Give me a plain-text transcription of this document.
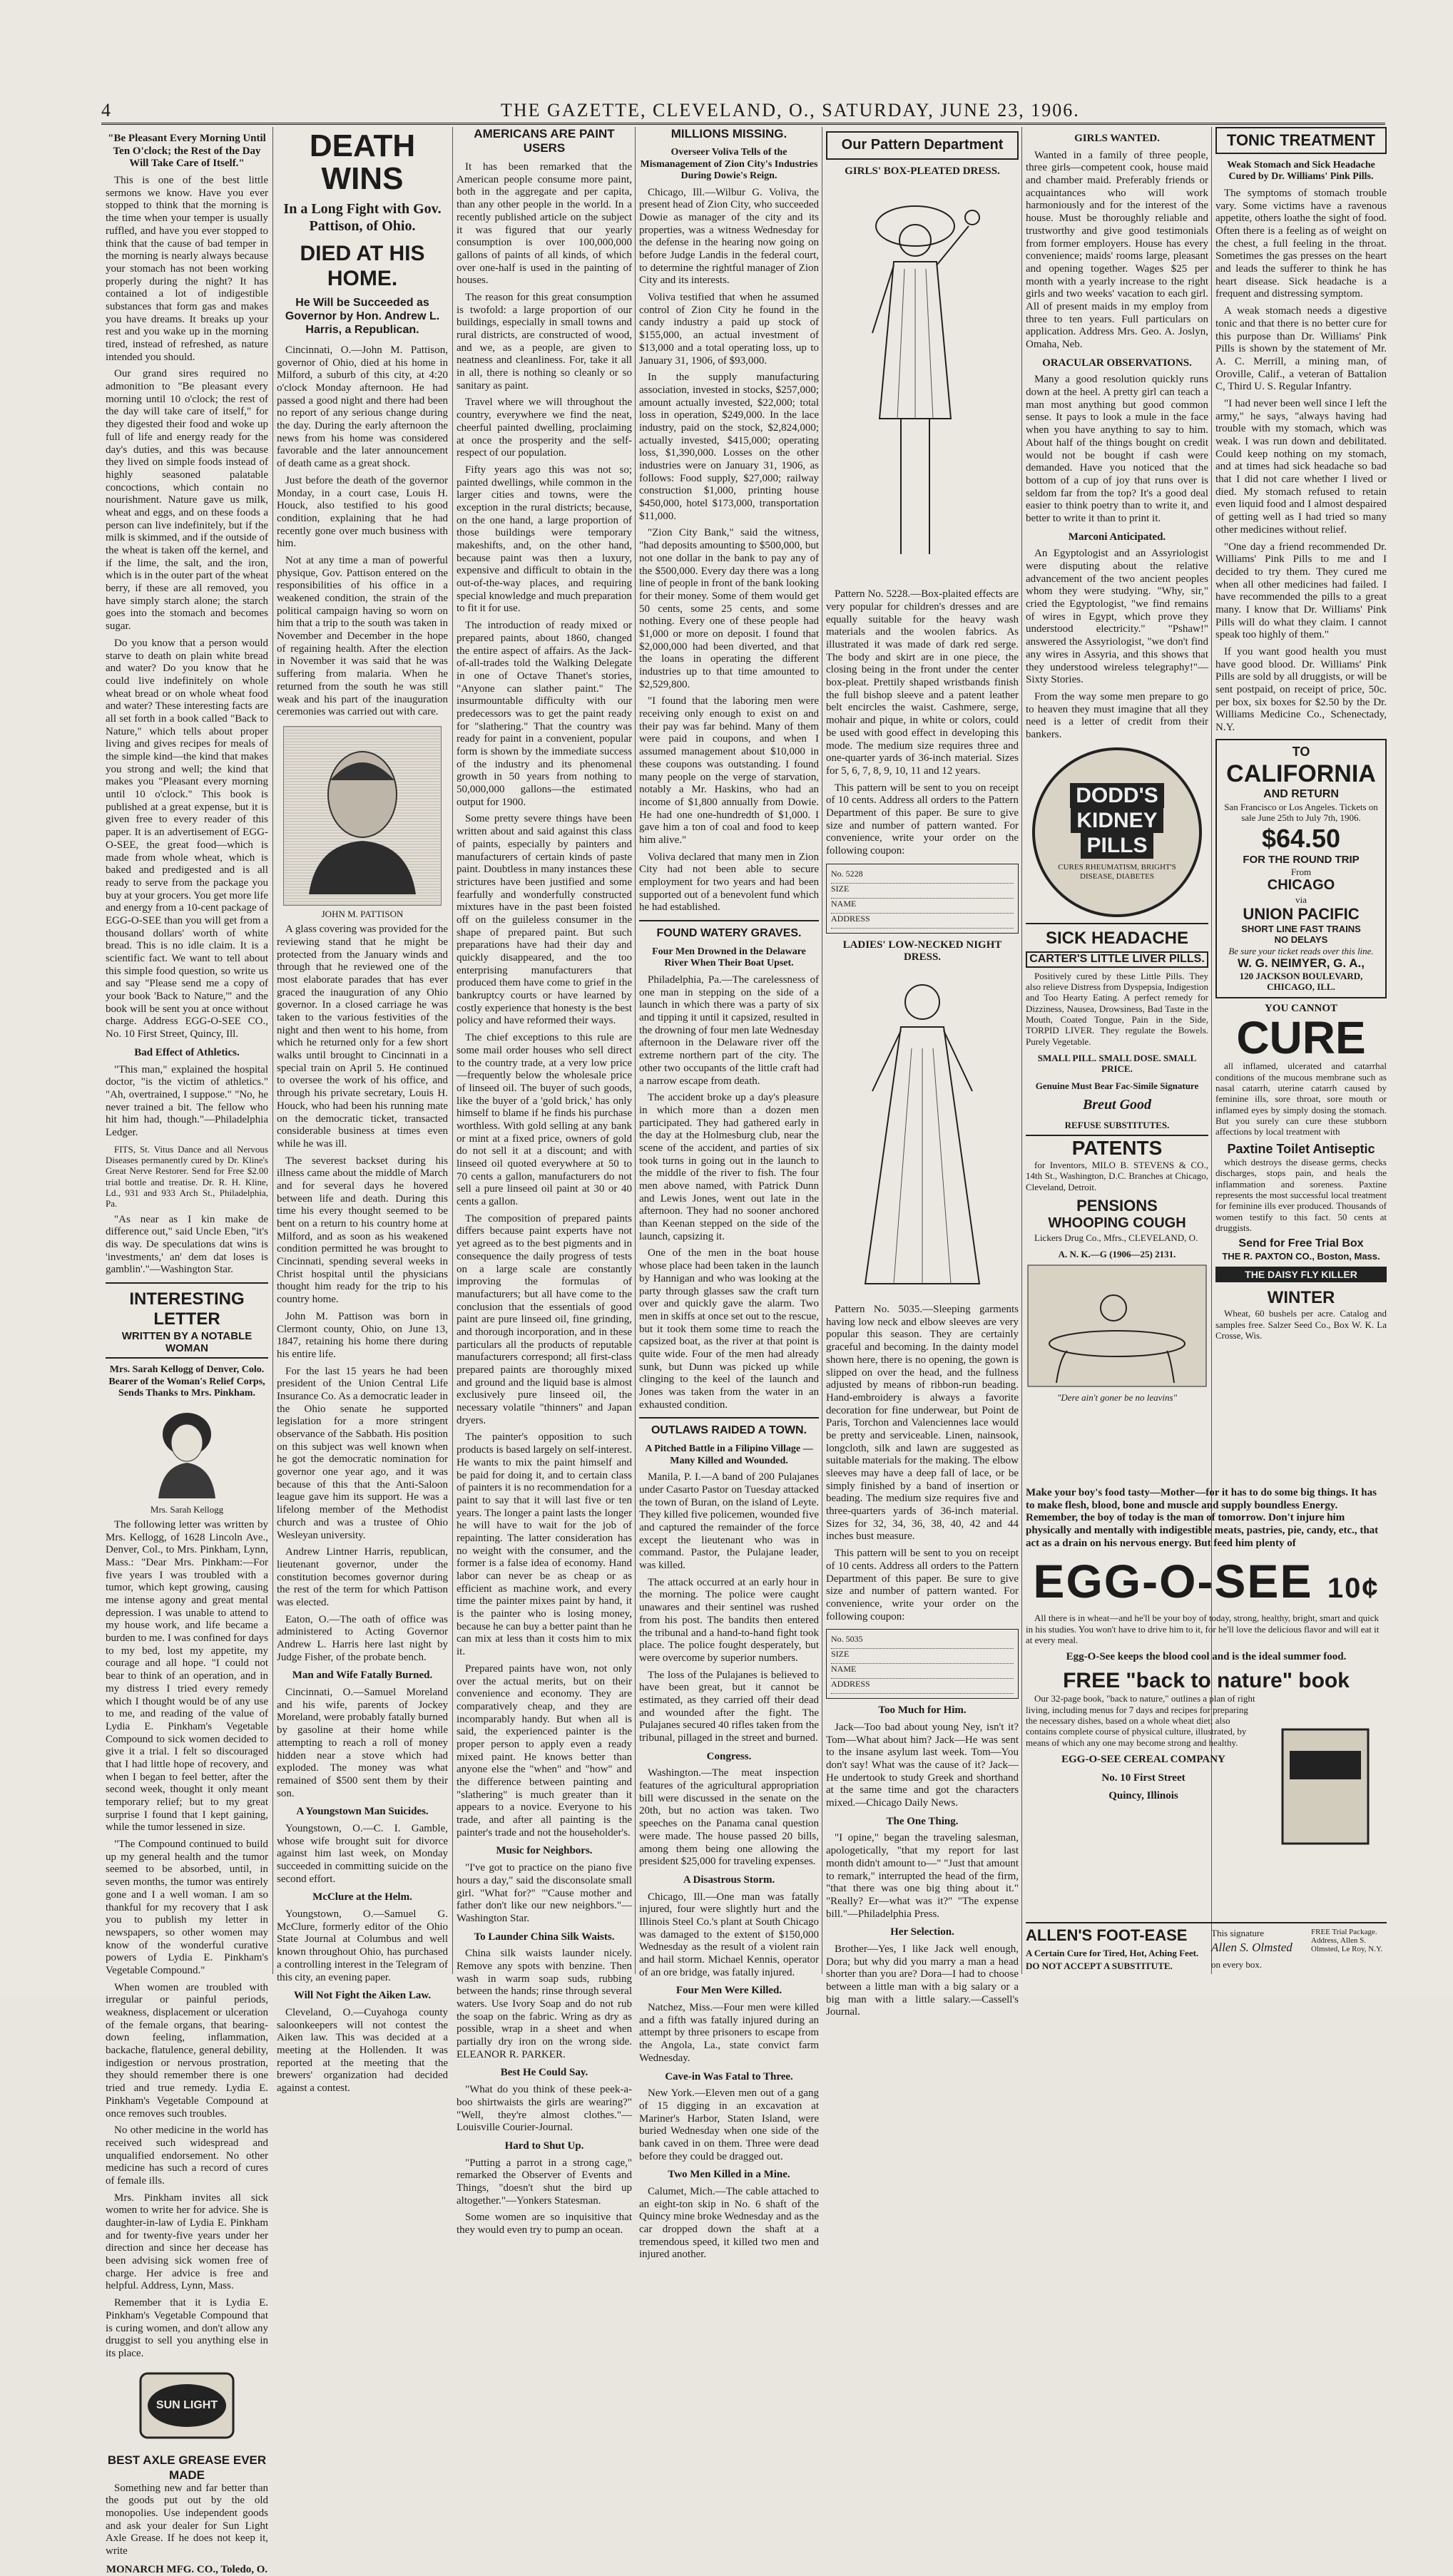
4	THE GAZETTE, CLEVELAND, O., SATURDAY, JUNE 23, 1906.

"Be Pleasant Every Morning Until Ten O'clock; the Rest of the Day Will Take Care of Itself."

This is one of the best little sermons we know. Have you ever stopped to think that the morning is the time when your temper is usually ruffled, and have you ever stopped to think that the cause of bad temper in the morning is nearly always because your stomach has not been working properly during the night? It has contained a lot of indigestible substances that form gas and makes you have dreams. It breaks up your rest and you wake up in the morning tired, instead of refreshed, as nature intended you should.

Our grand sires required no admonition to "Be pleasant every morning until 10 o'clock; the rest of the day will take care of itself," for they digested their food and woke up full of life and energy ready for the day's duties, and this was because they lived on simple foods instead of highly seasoned palatable concoctions, which contain no nourishment. Nature gave us milk, wheat and eggs, and on these foods a person can live indefinitely, but if the milk is skimmed, and if the outside of the wheat is taken off the kernel, and if the lime, the salt, and the iron, which is in the outer part of the wheat berry, if these are all removed, you have simply starch alone; the starch goes into the stomach and becomes sugar.

Do you know that a person would starve to death on plain white bread and water? Do you know that he could live indefinitely on whole wheat bread or on whole wheat food and water? These interesting facts are all set forth in a book called "Back to Nature," which tells about proper living and gives recipes for meals of the simple kind—the kind that makes you strong and well; the kind that makes you "Pleasant every morning until 10 o'clock." This book is published at a great expense, but it is given free to every reader of this paper. It is an advertisement of EGG-O-SEE, the great food—which is made from whole wheat, which is baked and predigested and is all ready to serve from the package you buy at your grocers. You get more life and energy from a 10-cent package of EGG-O-SEE than you will get from a thousand dollars' worth of white bread. This is no idle claim. It is a scientific fact. We want to tell about this simple food question, so write us and say "Please send me a copy of your book 'Back to Nature,'" and the book will be sent you at once without charge. Address EGG-O-SEE CO., No. 10 First Street, Quincy, Ill.

Bad Effect of Athletics.

"This man," explained the hospital doctor, "is the victim of athletics." "Ah, overtrained, I suppose." "No, he never trained a bit. The fellow who hit him had, though."—Philadelphia Ledger.

FITS, St. Vitus Dance and all Nervous Diseases permanently cured by Dr. Kline's Great Nerve Restorer. Send for Free $2.00 trial bottle and treatise. Dr. R. H. Kline, Ld., 931 and 933 Arch St., Philadelphia, Pa.

"As near as I kin make de difference out," said Uncle Eben, "it's dis way. De speculations dat wins is 'investments,' an' dem dat loses is gamblin'."—Washington Star.

INTERESTING LETTER
WRITTEN BY A NOTABLE WOMAN

Mrs. Sarah Kellogg of Denver, Colo. Bearer of the Woman's Relief Corps, Sends Thanks to Mrs. Pinkham.

Mrs. Sarah Kellogg

The following letter was written by Mrs. Kellogg, of 1628 Lincoln Ave., Denver, Col., to Mrs. Pinkham, Lynn, Mass.: "Dear Mrs. Pinkham:—For five years I was troubled with a tumor, which kept growing, causing me intense agony and great mental depression. I was unable to attend to my house work, and life became a burden to me. I was confined for days to my bed, lost my appetite, my courage and all hope. "I could not bear to think of an operation, and in my distress I tried every remedy which I thought would be of any use to me, and reading of the value of Lydia E. Pinkham's Vegetable Compound to sick women decided to give it a trial. I felt so discouraged that I had little hope of recovery, and when I began to feel better, after the second week, thought it only meant temporary relief; but to my great surprise I found that I kept gaining, while the tumor lessened in size.

"The Compound continued to build up my general health and the tumor seemed to be absorbed, until, in seven months, the tumor was entirely gone and I a well woman. I am so thankful for my recovery that I ask you to publish my letter in newspapers, so other women may know of the wonderful curative powers of Lydia E. Pinkham's Vegetable Compound."

When women are troubled with irregular or painful periods, weakness, displacement or ulceration of the female organs, that bearing-down feeling, inflammation, backache, flatulence, general debility, indigestion or nervous prostration, they should remember there is one tried and true remedy. Lydia E. Pinkham's Vegetable Compound at once removes such troubles.

No other medicine in the world has received such widespread and unqualified endorsement. No other medicine has such a record of cures of female ills.

Mrs. Pinkham invites all sick women to write her for advice. She is daughter-in-law of Lydia E. Pinkham and for twenty-five years under her direction and since her decease has been advising sick women free of charge. Her advice is free and helpful. Address, Lynn, Mass.

Remember that it is Lydia E. Pinkham's Vegetable Compound that is curing women, and don't allow any druggist to sell you anything else in its place.

SUN LIGHT
BEST AXLE GREASE EVER MADE

Something new and far better than the goods put out by the old monopolies. Use independent goods and ask your dealer for Sun Light Axle Grease. If he does not keep it, write

MONARCH MFG. CO., Toledo, O.

DEATH WINS
In a Long Fight with Gov. Pattison, of Ohio.
DIED AT HIS HOME.
He Will be Succeeded as Governor by Hon. Andrew L. Harris, a Republican.

Cincinnati, O.—John M. Pattison, governor of Ohio, died at his home in Milford, a suburb of this city, at 4:20 o'clock Monday afternoon. He had passed a good night and there had been no report of any serious change during the day. During the early afternoon the news from his home was considered favorable and the later announcement of death came as a great shock.

Just before the death of the governor Monday, in a court case, Louis H. Houck, also testified to his good condition, explaining that he had recently gone over much business with him.

Not at any time a man of powerful physique, Gov. Pattison entered on the responsibilities of his office in a weakened condition, the strain of the political campaign having so worn on him that a trip to the south was taken in November and December in the hope of regaining health. After the election in November it was said that he was suffering from malaria. When he returned from the south he was still weak and his part of the inauguration ceremonies was carried out with care.

JOHN M. PATTISON

A glass covering was provided for the reviewing stand that he might be protected from the January winds and through that he reviewed one of the most elaborate parades that has ever graced the inauguration of any Ohio governor. In a closed carriage he was taken to the various festivities of the night and then went to his home, from which he returned only for a few short walks until brought to Cincinnati in a special train on April 5. He continued to oversee the work of his office, and through his private secretary, Louis H. Houck, who had been his running mate on the democratic ticket, transacted considerable business at times even while he was ill.

The severest backset during his illness came about the middle of March and for several days he hovered between life and death. During this time his every thought seemed to be bent on a return to his country home at Milford, and as soon as his weakened condition permitted he was brought to Cincinnati, spending several weeks in Christ hospital until the physicians thought him ready for the trip to his country home.

John M. Pattison was born in Clermont county, Ohio, on June 13, 1847, retaining his home there during his entire life.

For the last 15 years he had been president of the Union Central Life Insurance Co. As a democratic leader in the Ohio senate he supported legislation for a more stringent observance of the Sabbath. His position on this subject was well known when he got the democratic nomination for governor one year ago, and it was because of this that the Anti-Saloon league gave him its support. He was a lifelong member of the Methodist church and was a trustee of Ohio Wesleyan university.

Andrew Lintner Harris, republican, lieutenant governor, under the constitution becomes governor during the rest of the term for which Pattison was elected.

Eaton, O.—The oath of office was administered to Acting Governor Andrew L. Harris here last night by Judge Fisher, of the probate bench.

Man and Wife Fatally Burned.

Cincinnati, O.—Samuel Moreland and his wife, parents of Jockey Moreland, were probably fatally burned by gasoline at their home while attempting to reach a roll of money hidden near a stove which had exploded. The money was what remained of $500 sent them by their son.

A Youngstown Man Suicides.

Youngstown, O.—C. I. Gamble, whose wife brought suit for divorce against him last week, on Monday succeeded in committing suicide on the second effort.

McClure at the Helm.

Youngstown, O.—Samuel G. McClure, formerly editor of the Ohio State Journal at Columbus and well known throughout Ohio, has purchased a controlling interest in the Telegram of this city, an evening paper.

Will Not Fight the Aiken Law.

Cleveland, O.—Cuyahoga county saloonkeepers will not contest the Aiken law. This was decided at a meeting at the Hollenden. It was reported at the meeting that the brewers' organization had decided against a contest.

AMERICANS ARE PAINT USERS

It has been remarked that the American people consume more paint, both in the aggregate and per capita, than any other people in the world. In a recently published article on the subject it was figured that our yearly consumption is over 100,000,000 gallons of paints of all kinds, of which over one-half is used in the painting of houses.

The reason for this great consumption is twofold: a large proportion of our buildings, especially in small towns and rural districts, are constructed of wood, and we, as a people, are given to neatness and cleanliness. For, take it all in all, there is nothing so cleanly or so sanitary as paint.

Travel where we will throughout the country, everywhere we find the neat, cheerful painted dwelling, proclaiming at once the prosperity and the self-respect of our population.

Fifty years ago this was not so; painted dwellings, while common in the larger cities and towns, were the exception in the rural districts; because, on the one hand, a large proportion of those buildings were temporary makeshifts, and, on the other hand, because paint was then a luxury, expensive and difficult to obtain in the out-of-the-way places, and requiring special knowledge and much preparation to fit it for use.

The introduction of ready mixed or prepared paints, about 1860, changed the entire aspect of affairs. As the Jack-of-all-trades told the Walking Delegate in one of Octave Thanet's stories, "Anyone can slather paint." The insurmountable difficulty with our predecessors was to get the paint ready for "slathering." That the country was ready for paint in a convenient, popular form is shown by the immediate success of the industry and its phenomenal growth in 50 years from nothing to 50,000,000 gallons—the estimated output for 1900.

Some pretty severe things have been written about and said against this class of paints, especially by painters and manufacturers of certain kinds of paste paint. Doubtless in many instances these strictures have been justified and some fearfully and wonderfully constructed mixtures have in the past been foisted off on the guileless consumer in the shape of prepared paint. But such preparations have had their day and quickly disappeared, and the too enterprising manufacturers that produced them have come to grief in the bankruptcy courts or have learned by costly experience that honesty is the best policy and have reformed their ways.

The chief exceptions to this rule are some mail order houses who sell direct to the country trade, at a very low price—frequently below the wholesale price of linseed oil. The buyer of such goods, like the buyer of a 'gold brick,' has only himself to blame if he finds his purchase worthless. With gold selling at any bank or mint at a fixed price, owners of gold do not sell it at a discount; and with linseed oil quoted everywhere at 50 to 70 cents a gallon, manufacturers do not sell a pure linseed oil paint at 30 or 40 cents a gallon.

The composition of prepared paints differs because paint experts have not yet agreed as to the best pigments and in consequence the daily progress of tests on a large scale are constantly improving the formulas of manufacturers; but all have come to the conclusion that the essentials of good paint are pure linseed oil, fine grinding, and thorough incorporation, and in these particulars all the products of reputable manufacturers correspond; all first-class prepared paints are thoroughly mixed and ground and the liquid base is almost exclusively pure linseed oil, the necessary volatile "thinners" and Japan dryers.

The painter's opposition to such products is based largely on self-interest. He wants to mix the paint himself and be paid for doing it, and to certain class of painters it is no recommendation for a paint to say that it will last five or ten years. The longer a paint lasts the longer he will have to wait for the job of repainting. The latter consideration has no weight with the consumer, and the former is a false idea of economy. Hand labor can never be as cheap or as efficient as machine work, and every time the painter mixes paint by hand, it is the painter who is losing money, because he can buy a better paint than he can mix at less than it costs him to mix it.

Prepared paints have won, not only over the actual merits, but on their convenience and economy. They are comparatively cheap, and they are incomparably handy. But when all is said, the experienced painter is the proper person to apply even a ready mixed paint. He knows better than anyone else the "when" and "how" and the difference between painting and "slathering" is much greater than it appears to a novice. Everyone to his trade, and after all painting is the painter's trade and not the householder's.

Music for Neighbors.

"I've got to practice on the piano five hours a day," said the disconsolate small girl. "What for?" "'Cause mother and father don't like our new neighbors."—Washington Star.

To Launder China Silk Waists.

China silk waists launder nicely. Remove any spots with benzine. Then wash in warm soap suds, rubbing between the hands; rinse through several waters. Use Ivory Soap and do not rub the soap on the fabric. Wring as dry as possible, wrap in a sheet and when partially dry iron on the wrong side. ELEANOR R. PARKER.

Best He Could Say.

"What do you think of these peek-a-boo shirtwaists the girls are wearing?" "Well, they're almost clothes."—Louisville Courier-Journal.

Hard to Shut Up.

"Putting a parrot in a strong cage," remarked the Observer of Events and Things, "doesn't shut the bird up altogether."—Yonkers Statesman.

Some women are so inquisitive that they would even try to pump an ocean.

MILLIONS MISSING.

Overseer Voliva Tells of the Mismanagement of Zion City's Industries During Dowie's Reign.

Chicago, Ill.—Wilbur G. Voliva, the present head of Zion City, who succeeded Dowie as manager of the city and its properties, was a witness Wednesday for the defense in the hearing now going on before Judge Landis in the federal court, to determine the rightful manager of Zion City and its interests.

Voliva testified that when he assumed control of Zion City he found in the candy industry a paid up stock of $155,000, an actual investment of $13,000 and a total operating loss, up to January 31, 1906, of $93,000.

In the supply manufacturing association, invested in stocks, $257,000; amount actually invested, $22,000; total loss in operation, $249,000. In the lace industry, paid on the stock, $2,824,000; actually invested, $415,000; operating loss, $1,390,000. Losses on the other industries were on January 31, 1906, as follows: Food supply, $27,000; railway construction $1,000, printing house $450,000, hotel $173,000, transportation $11,000.

"Zion City Bank," said the witness, "had deposits amounting to $500,000, but not one dollar in the bank to pay any of the $500,000. Every day there was a long line of people in front of the bank looking for their money. Some of them would get 50 cents, some 25 cents, and some nothing. Every one of these people had $1,000 or more on deposit. I found that $2,000,000 had been diverted, and that the loans in operating the different industries up to that time amounted to $2,529,800.

"I found that the laboring men were receiving only enough to exist on and their pay was far behind. Many of them were paid in coupons, and when I assumed management about $10,000 in these coupons was outstanding. I found many people on the verge of starvation, notably a Mr. Haskins, who had an income of $1,800 annually from Dowie. He had one one-hundredth of $1,000. I gave him a ton of coal and food to keep him alive."

Voliva declared that many men in Zion City had not been able to secure employment for two years and had been supported out of a benevolent fund which he had established.

FOUND WATERY GRAVES.

Four Men Drowned in the Delaware River When Their Boat Upset.

Philadelphia, Pa.—The carelessness of one man in stepping on the side of a launch in which there was a party of six and tipping it until it capsized, resulted in the drowning of four men late Wednesday afternoon in the Delaware river off the extreme northern part of the city. The other two occupants of the little craft had a narrow escape from death.

The accident broke up a day's pleasure in which more than a dozen men participated. They had gathered early in the day at the Holmesburg club, near the scene of the accident, and parties of six took turns in going out in the launch to the middle of the river to fish. The four men above named, with Patrick Dunn and Lewis Jones, went out late in the afternoon. They had no sooner anchored than Keenan stepped on the side of the launch, capsizing it.

One of the men in the boat house whose place had been taken in the launch by Hannigan and who was looking at the party through glasses saw the craft turn over and quickly gave the alarm. Two men in skiffs at once set out to the rescue, but it took them some time to reach the capsized boat, as the river at that point is quite wide. Four of the men had already sunk, but Dunn was picked up while clinging to the keel of the launch and Jones was taken from the water in an exhausted condition.

OUTLAWS RAIDED A TOWN.

A Pitched Battle in a Filipino Village —Many Killed and Wounded.

Manila, P. I.—A band of 200 Pulajanes under Casarto Pastor on Tuesday attacked the town of Buran, on the island of Leyte. They killed five policemen, wounded five and captured the remainder of the force except the lieutenant who was in command. Pastor, the Pulajane leader, was killed.

The attack occurred at an early hour in the morning. The police were caught unawares and their sentinel was rushed from his post. The bandits then entered the tribunal and a hand-to-hand fight took place. The police fought desperately, but were overcome by superior numbers.

The loss of the Pulajanes is believed to have been great, but it cannot be estimated, as they carried off their dead and wounded after the fight. The Pulajanes secured 40 rifles taken from the tribunal, pillaged in the street and burned.

Congress.

Washington.—The meat inspection features of the agricultural appropriation bill were discussed in the senate on the 20th, but no action was taken. Two speeches on the Panama canal question were made. The house passed 20 bills, among them being one allowing the president $25,000 for traveling expenses.

A Disastrous Storm.

Chicago, Ill.—One man was fatally injured, four were slightly hurt and the Illinois Steel Co.'s plant at South Chicago was damaged to the extent of $150,000 Wednesday as the result of a violent rain and hail storm. Michael Kennis, operator of an ore bridge, was fatally injured.

Four Men Were Killed.

Natchez, Miss.—Four men were killed and a fifth was fatally injured during an attempt by three prisoners to escape from the Angola, La., state convict farm Wednesday.

Cave-in Was Fatal to Three.

New York.—Eleven men out of a gang of 15 digging in an excavation at Mariner's Harbor, Staten Island, were buried Wednesday when one side of the bank caved in on them. Three were dead before they could be dragged out.

Two Men Killed in a Mine.

Calumet, Mich.—The cable attached to an eight-ton skip in No. 6 shaft of the Quincy mine broke Wednesday and as the car dropped down the shaft at a tremendous speed, it killed two men and injured another.

Our Pattern Department

GIRLS' BOX-PLEATED DRESS.

Pattern No. 5228.—Box-plaited effects are very popular for children's dresses and are equally suitable for the heavy wash materials and the woolen fabrics. As illustrated it was made of dark red serge. The body and skirt are in one piece, the closing being in the front under the center box-pleat. Prettily shaped wristbands finish the full bishop sleeve and a patent leather belt encircles the waist. Cashmere, serge, mohair and pique, in white or colors, could be used with good effect in developing this mode. The medium size requires three and one-quarter yards of 36-inch material. Sizes for 5, 6, 7, 8, 9, 10, 11 and 12 years.

This pattern will be sent to you on receipt of 10 cents. Address all orders to the Pattern Department of this paper. Be sure to give size and number of pattern wanted. For convenience, write your order on the following coupon:

No. 5228
SIZE
NAME
ADDRESS

LADIES' LOW-NECKED NIGHT DRESS.

Pattern No. 5035.—Sleeping garments having low neck and elbow sleeves are very popular this season. They are certainly graceful and becoming. In the dainty model shown here, there is no opening, the gown is slipped on over the head, and the fullness adjusted by means of ribbon-run beading. Hand-embroidery is always a favorite decoration for fine underwear, but Point de Paris, Torchon and Valenciennes lace would be pretty and serviceable. Linen, nainsook, longcloth, silk and lawn are suggested as suitable materials for the making. The elbow sleeves may have a deep fall of lace, or be simply finished by a band of insertion or beading. The medium size requires five and three-quarters yards of 36-inch material. Sizes for 32, 34, 36, 38, 40, 42 and 44 inches bust measure.

This pattern will be sent to you on receipt of 10 cents. Address all orders to the Pattern Department of this paper. Be sure to give size and number of pattern wanted. For convenience, write your order on the following coupon:

No. 5035
SIZE
NAME
ADDRESS

Too Much for Him.

Jack—Too bad about young Ney, isn't it? Tom—What about him? Jack—He was sent to the insane asylum last week. Tom—You don't say! What was the cause of it? Jack—He undertook to study Greek and shorthand at the same time and got the characters mixed.—Chicago Daily News.

The One Thing.

"I opine," began the traveling salesman, apologetically, "that my report for last month didn't amount to—" "Just that amount to remark," interrupted the head of the firm, "that there was one big thing about it." "Really? Er—what was it?" "The expense bill."—Philadelphia Press.

Her Selection.

Brother—Yes, I like Jack well enough, Dora; but why did you marry a man a head shorter than you are? Dora—I had to choose between a little man with a big salary or a big man with a little salary.—Cassell's Journal.

GIRLS WANTED.

Wanted in a family of three people, three girls—competent cook, house maid and chamber maid. Preferably friends or acquaintances who will work harmoniously and for the interest of the house. Must be thoroughly reliable and trustworthy and give good testimonials from former employers. House has every convenience; maids' rooms large, pleasant and opening together. Wages $25 per month with a yearly increase to the right girls and two weeks' vacation to each girl. All of present maids in my employ from three to ten years. Full particulars on application. Address Mrs. Geo. A. Joslyn, Omaha, Neb.

ORACULAR OBSERVATIONS.

Many a good resolution quickly runs down at the heel. A pretty girl can teach a man most anything but good common sense. It pays to look a mule in the face when you have anything to say to him. About half of the things bought on credit would not be bought if cash were demanded. Have you noticed that the bottom of a cup of joy that runs over is seldom far from the top? It's a good deal easier to think poetry than to write it, and better to write it than to print it.

Marconi Anticipated.

An Egyptologist and an Assyriologist were disputing about the relative advancement of the two ancient peoples whom they were studying. "Why, sir," cried the Egyptologist, "we find remains of wires in Egypt, which prove they understood electricity." "Pshaw!" answered the Assyriologist, "we don't find any wires in Assyria, and this shows that they understood wireless telegraphy!"—Sixty Stories.

From the way some men prepare to go to heaven they must imagine that all they need is a letter of credit from their bankers.

DODD'S
KIDNEY
PILLS
CURES RHEUMATISM, BRIGHT'S DISEASE, DIABETES
SICK HEADACHE
CARTER'S LITTLE LIVER PILLS.

Positively cured by these Little Pills. They also relieve Distress from Dyspepsia, Indigestion and Too Hearty Eating. A perfect remedy for Dizziness, Nausea, Drowsiness, Bad Taste in the Mouth, Coated Tongue, Pain in the Side, TORPID LIVER. They regulate the Bowels. Purely Vegetable.

SMALL PILL. SMALL DOSE. SMALL PRICE.

Genuine Must Bear Fac-Simile Signature

Breut Good

REFUSE SUBSTITUTES.

PATENTS

for Inventors, MILO B. STEVENS & CO., 14th St., Washington, D.C. Branches at Chicago, Cleveland, Detroit.

PENSIONS
WHOOPING COUGH

Lickers Drug Co., Mfrs., CLEVELAND, O.

A. N. K.—G (1906—25) 2131.

"Dere ain't goner be no leavins"

Make your boy's food tasty—Mother—for it has to do some big things. It has to make flesh, blood, bone and muscle and supply boundless Energy. Remember, the boy of today is the man of tomorrow. Don't injure him physically and mentally with indigestible meats, pastries, pie, candy, etc., that act as a drain on his nervous energy. But feed him plenty of

EGG-O-SEE 10¢

All there is in wheat—and he'll be your boy of today, strong, healthy, bright, smart and quick in his studies. You won't have to drive him to it, for he'll love the delicious flavor and will eat it at every meal.

Egg-O-See keeps the blood cool and is the ideal summer food.

FREE "back to nature" book

Our 32-page book, "back to nature," outlines a plan of right living, including menus for 7 days and recipes for preparing the necessary dishes, based on a whole wheat diet; also contains complete course of physical culture, illustrated, by means of which any one may become strong and healthy.

EGG-O-SEE CEREAL COMPANY

No. 10 First Street

Quincy, Illinois

TONIC TREATMENT

Weak Stomach and Sick Headache Cured by Dr. Williams' Pink Pills.

The symptoms of stomach trouble vary. Some victims have a ravenous appetite, others loathe the sight of food. Often there is a feeling as of weight on the chest, a full feeling in the throat. Sometimes the gas presses on the heart and leads the sufferer to think he has heart disease. Sick headache is a frequent and distressing symptom.

A weak stomach needs a digestive tonic and that there is no better cure for this purpose than Dr. Williams' Pink Pills is shown by the statement of Mr. A. C. Merrill, a mining man, of Oroville, Calif., a veteran of Battalion C, Third U. S. Regular Infantry.

"I had never been well since I left the army," he says, "always having had trouble with my stomach, which was weak. I was run down and debilitated. Could keep nothing on my stomach, and at times had sick headache so bad that I did not care whether I lived or died. My stomach refused to retain even liquid food and I almost despaired of getting well as I had tried so many other medicines without relief.

"One day a friend recommended Dr. Williams' Pink Pills to me and I decided to try them. They cured me when all other medicines had failed. I have recommended the pills to a great many. I know that Dr. Williams' Pink Pills will do what they claim. I cannot speak too highly of them."

If you want good health you must have good blood. Dr. Williams' Pink Pills are sold by all druggists, or will be sent postpaid, on receipt of price, 50c. per box, six boxes for $2.50 by the Dr. Williams Medicine Co., Schenectady, N.Y.

TO
CALIFORNIA
AND RETURN
San Francisco or Los Angeles. Tickets on sale June 25th to July 7th, 1906.
$64.50
FOR THE ROUND TRIP
From
CHICAGO
via
UNION PACIFIC
SHORT LINE FAST TRAINS
NO DELAYS
Be sure your ticket reads over this line.
W. G. NEIMYER, G. A.,
120 JACKSON BOULEVARD, CHICAGO, ILL.
YOU CANNOT
CURE

all inflamed, ulcerated and catarrhal conditions of the mucous membrane such as nasal catarrh, uterine catarrh caused by feminine ills, sore throat, sore mouth or inflamed eyes by simply dosing the stomach. But you surely can cure these stubborn affections by local treatment with

Paxtine Toilet Antiseptic

which destroys the disease germs, checks discharges, stops pain, and heals the inflammation and soreness. Paxtine represents the most successful local treatment for feminine ills ever produced. Thousands of women testify to this fact. 50 cents at druggists.

Send for Free Trial Box
THE R. PAXTON CO., Boston, Mass.
THE DAISY FLY KILLER
WINTER

Wheat, 60 bushels per acre. Catalog and samples free. Salzer Seed Co., Box W. K. La Crosse, Wis.

ALLEN'S FOOT-EASE
A Certain Cure for Tired, Hot, Aching Feet.
DO NOT ACCEPT A SUBSTITUTE.
This signature
Allen S. Olmsted
on every box.
FREE Trial Package. Address, Allen S. Olmsted, Le Roy, N.Y.
